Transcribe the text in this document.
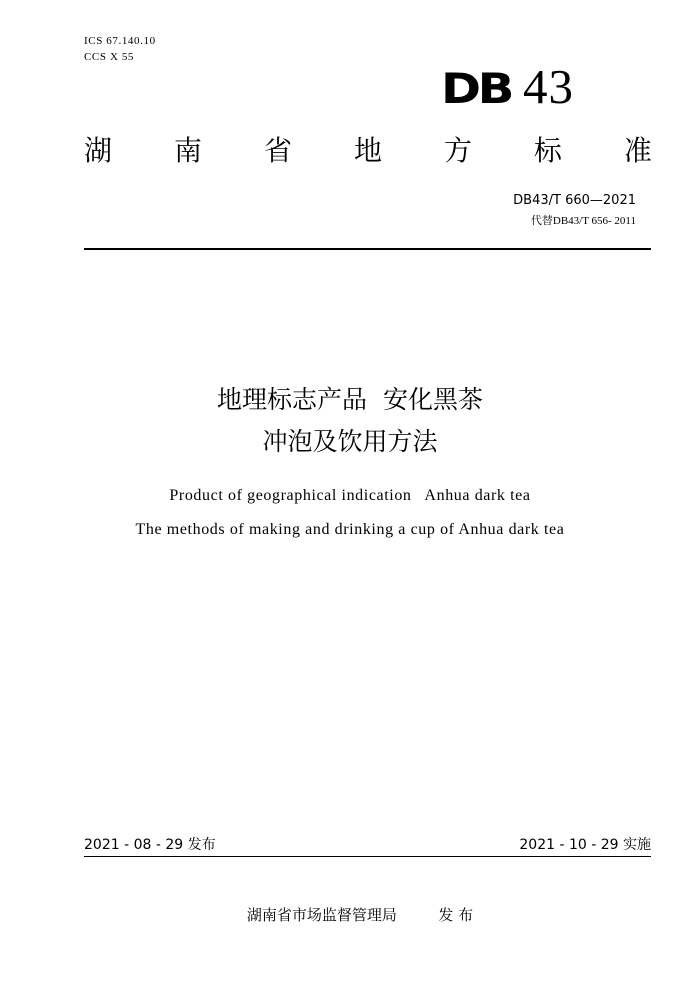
ICS 67.140.10
CCS X 55
DB 43
湖 南 省 地 方 标 准
DB43/T 660—2021
代替DB43/T 656- 2011
地理标志产品  安化黑茶
冲泡及饮用方法
Product of geographical indication   Anhua dark tea
The methods of making and drinking a cup of Anhua dark tea
2021 - 08 - 29 发布	2021 - 10 - 29 实施
湖南省市场监督管理局	发 布
